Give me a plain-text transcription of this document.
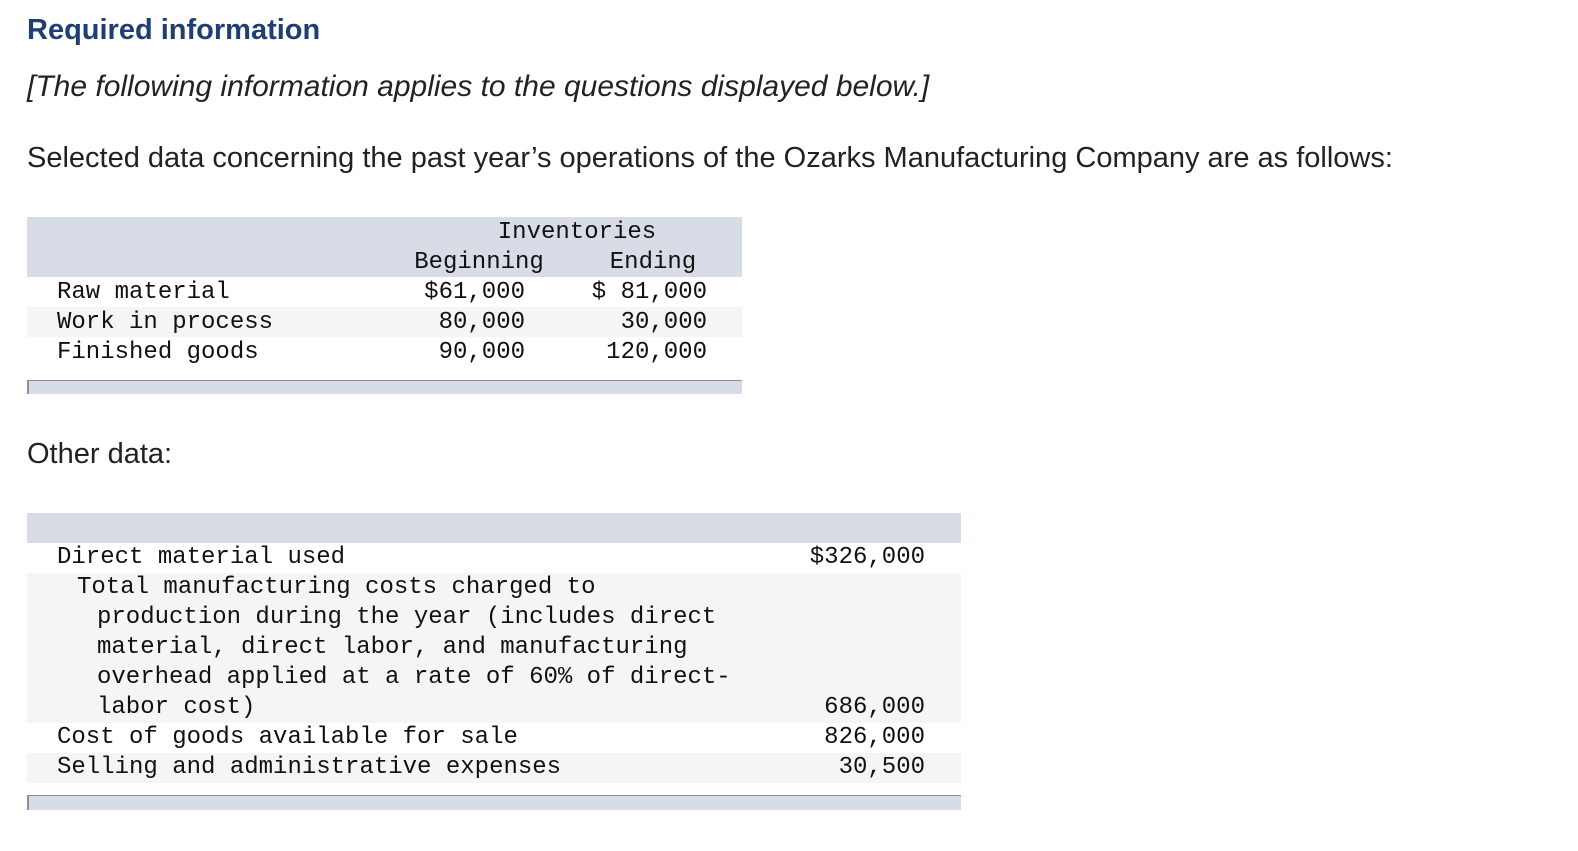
Required information
[The following information applies to the questions displayed below.]
Selected data concerning the past year’s operations of the Ozarks Manufacturing Company are as follows:
Inventories
Beginning	Ending
Raw material	$61,000	$ 81,000
Work in process	80,000	30,000
Finished goods	90,000	120,000
Other data:
Direct material used	$326,000
Total manufacturing costs charged to
production during the year (includes direct
material, direct labor, and manufacturing
overhead applied at a rate of 60% of direct-
labor cost)	686,000
Cost of goods available for sale	826,000
Selling and administrative expenses	30,500
